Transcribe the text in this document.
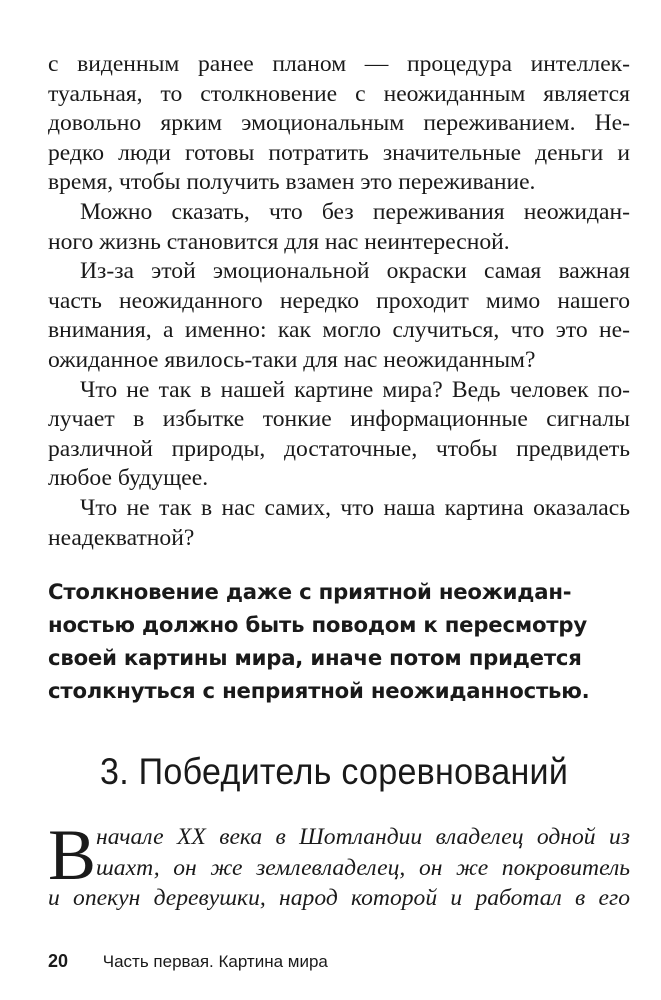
с виденным ранее планом — процедура интеллек-
туальная, то столкновение с неожиданным является
довольно ярким эмоциональным переживанием. Не-
редко люди готовы потратить значительные деньги и
время, чтобы получить взамен это переживание.
Можно сказать, что без переживания неожидан-
ного жизнь становится для нас неинтересной.
Из-за этой эмоциональной окраски самая важная
часть неожиданного нередко проходит мимо нашего
внимания, а именно: как могло случиться, что это не-
ожиданное явилось-таки для нас неожиданным?
Что не так в нашей картине мира? Ведь человек по-
лучает в избытке тонкие информационные сигналы
различной природы, достаточные, чтобы предвидеть
любое будущее.
Что не так в нас самих, что наша картина оказалась
неадекватной?
Столкновение даже с приятной неожидан-
ностью должно быть поводом к пересмотру
своей картины мира, иначе потом придется
столкнуться с неприятной неожиданностью.
3. Победитель соревнований
В начале XX века в Шотландии владелец одной из
шахт, он же землевладелец, он же покровитель
и опекун деревушки, народ которой и работал в его
20 Часть первая. Картина мира
